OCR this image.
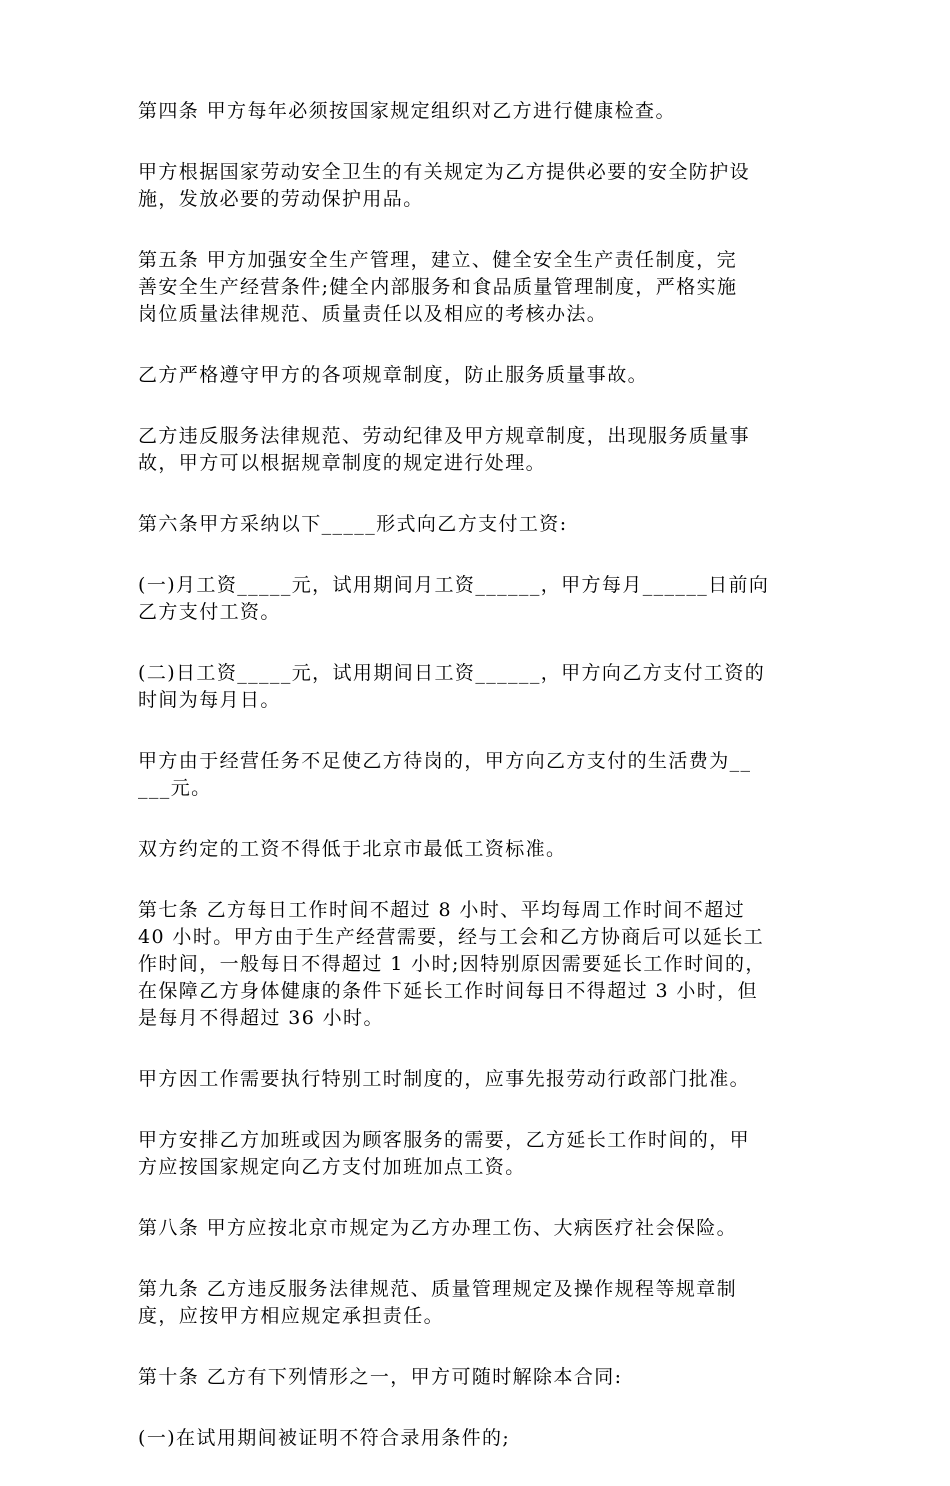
第四条 甲方每年必须按国家规定组织对乙方进行健康检查。

甲方根据国家劳动安全卫生的有关规定为乙方提供必要的安全防护设
施，发放必要的劳动保护用品。

第五条 甲方加强安全生产管理，建立、健全安全生产责任制度，完
善安全生产经营条件;健全内部服务和食品质量管理制度，严格实施
岗位质量法律规范、质量责任以及相应的考核办法。

乙方严格遵守甲方的各项规章制度，防止服务质量事故。

乙方违反服务法律规范、劳动纪律及甲方规章制度，出现服务质量事
故，甲方可以根据规章制度的规定进行处理。

第六条甲方采纳以下_____形式向乙方支付工资:

(一)月工资_____元，试用期间月工资______，甲方每月______日前向
乙方支付工资。

(二)日工资_____元，试用期间日工资______，甲方向乙方支付工资的
时间为每月日。

甲方由于经营任务不足使乙方待岗的，甲方向乙方支付的生活费为__
___元。

双方约定的工资不得低于北京市最低工资标准。

第七条 乙方每日工作时间不超过 8 小时、平均每周工作时间不超过
40 小时。甲方由于生产经营需要，经与工会和乙方协商后可以延长工
作时间，一般每日不得超过 1 小时;因特别原因需要延长工作时间的，
在保障乙方身体健康的条件下延长工作时间每日不得超过 3 小时，但
是每月不得超过 36 小时。

甲方因工作需要执行特别工时制度的，应事先报劳动行政部门批准。

甲方安排乙方加班或因为顾客服务的需要，乙方延长工作时间的，甲
方应按国家规定向乙方支付加班加点工资。

第八条 甲方应按北京市规定为乙方办理工伤、大病医疗社会保险。

第九条 乙方违反服务法律规范、质量管理规定及操作规程等规章制
度，应按甲方相应规定承担责任。

第十条 乙方有下列情形之一，甲方可随时解除本合同:

(一)在试用期间被证明不符合录用条件的;
